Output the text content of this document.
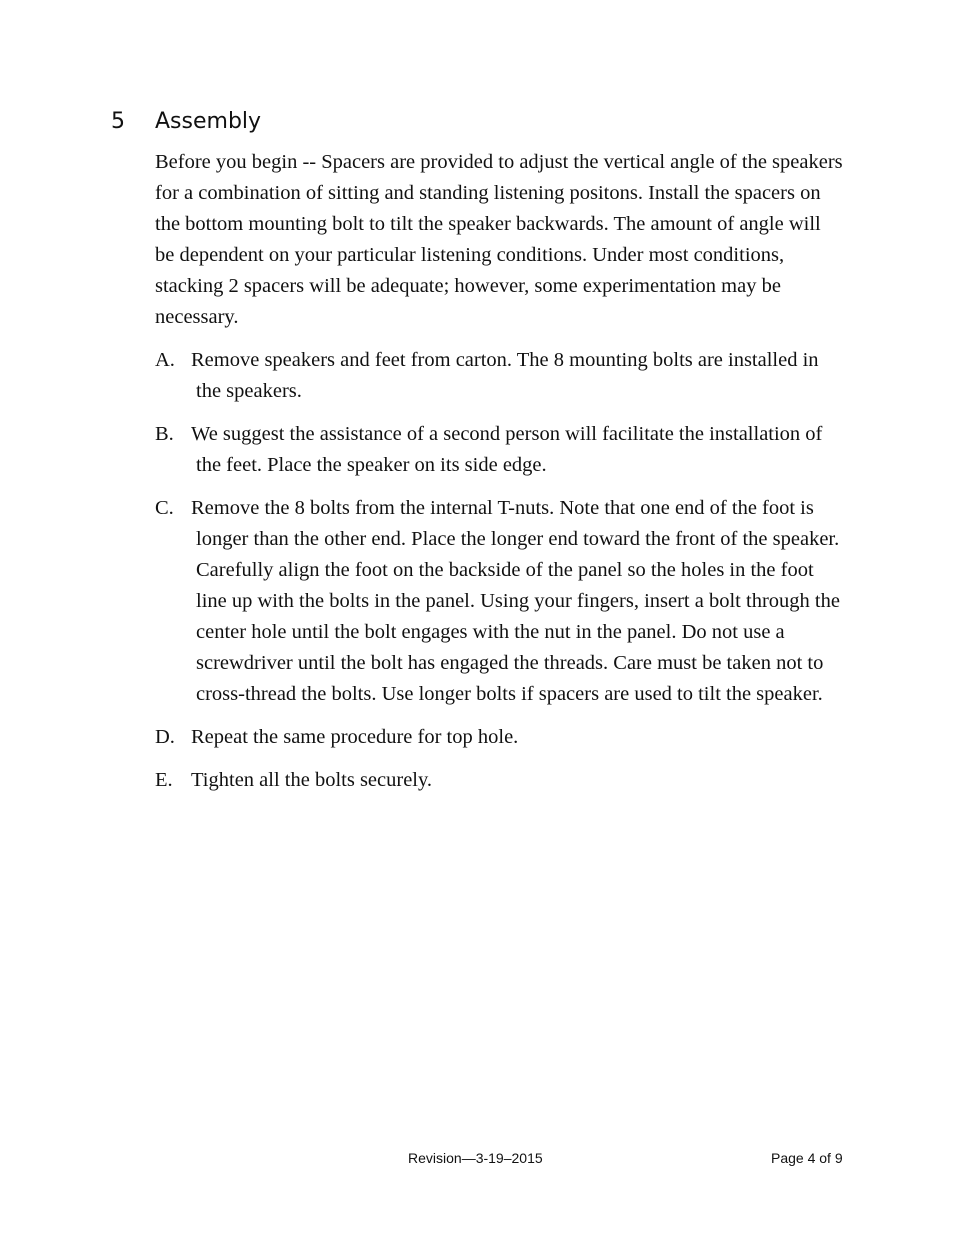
5 Assembly

Before you begin -- Spacers are provided to adjust the vertical angle of the speakers for a combination of sitting and standing listening positons. Install the spacers on the bottom mounting bolt to tilt the speaker backwards. The amount of angle will be dependent on your particular listening conditions. Under most conditions, stacking 2 spacers will be adequate; however, some experimentation may be necessary.

A. Remove speakers and feet from carton. The 8 mounting bolts are installed in the speakers.
B. We suggest the assistance of a second person will facilitate the installation of the feet. Place the speaker on its side edge.
C. Remove the 8 bolts from the internal T-nuts. Note that one end of the foot is longer than the other end. Place the longer end toward the front of the speaker. Carefully align the foot on the backside of the panel so the holes in the foot line up with the bolts in the panel. Using your fingers, insert a bolt through the center hole until the bolt engages with the nut in the panel. Do not use a screwdriver until the bolt has engaged the threads. Care must be taken not to cross-thread the bolts. Use longer bolts if spacers are used to tilt the speaker.
D. Repeat the same procedure for top hole.
E. Tighten all the bolts securely.
Revision—3-19–2015	Page 4 of 9
